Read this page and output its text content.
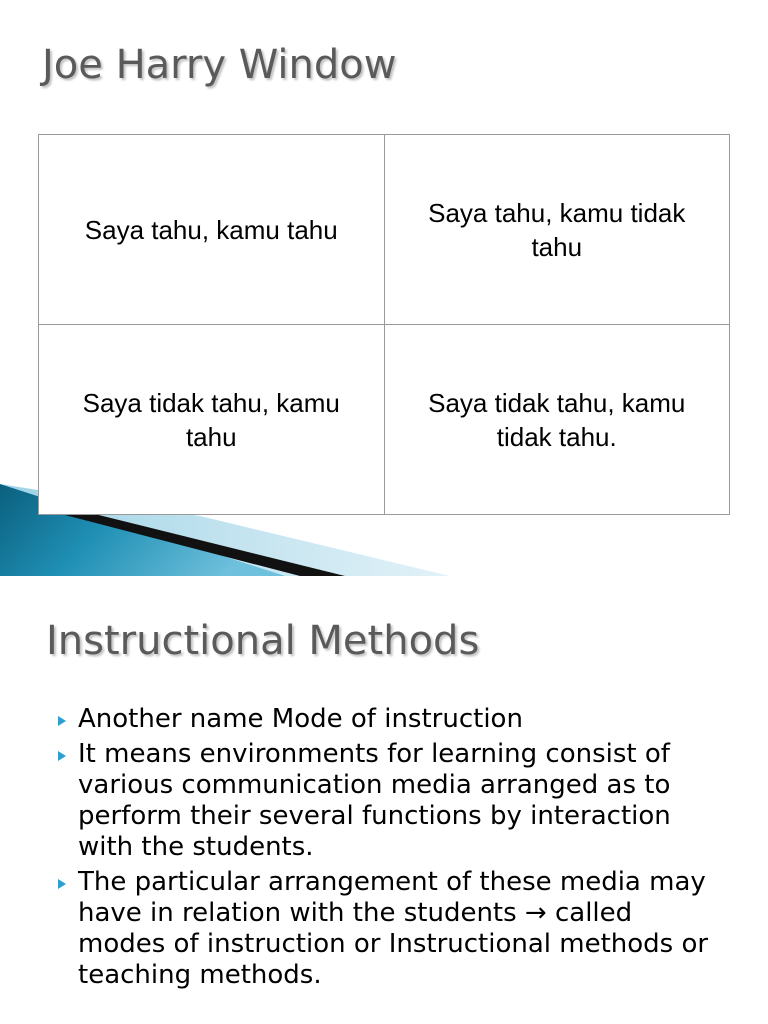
Joe Harry Window
Saya tahu, kamu tahu	Saya tahu, kamu tidak tahu
Saya tidak tahu, kamu tahu	Saya tidak tahu, kamu tidak tahu.
Instructional Methods
Another name Mode of instruction
It means environments for learning consist of various communication media arranged as to perform their several functions by interaction with the students.
The particular arrangement of these media may have in relation with the students → called modes of instruction or Instructional methods or teaching methods.
